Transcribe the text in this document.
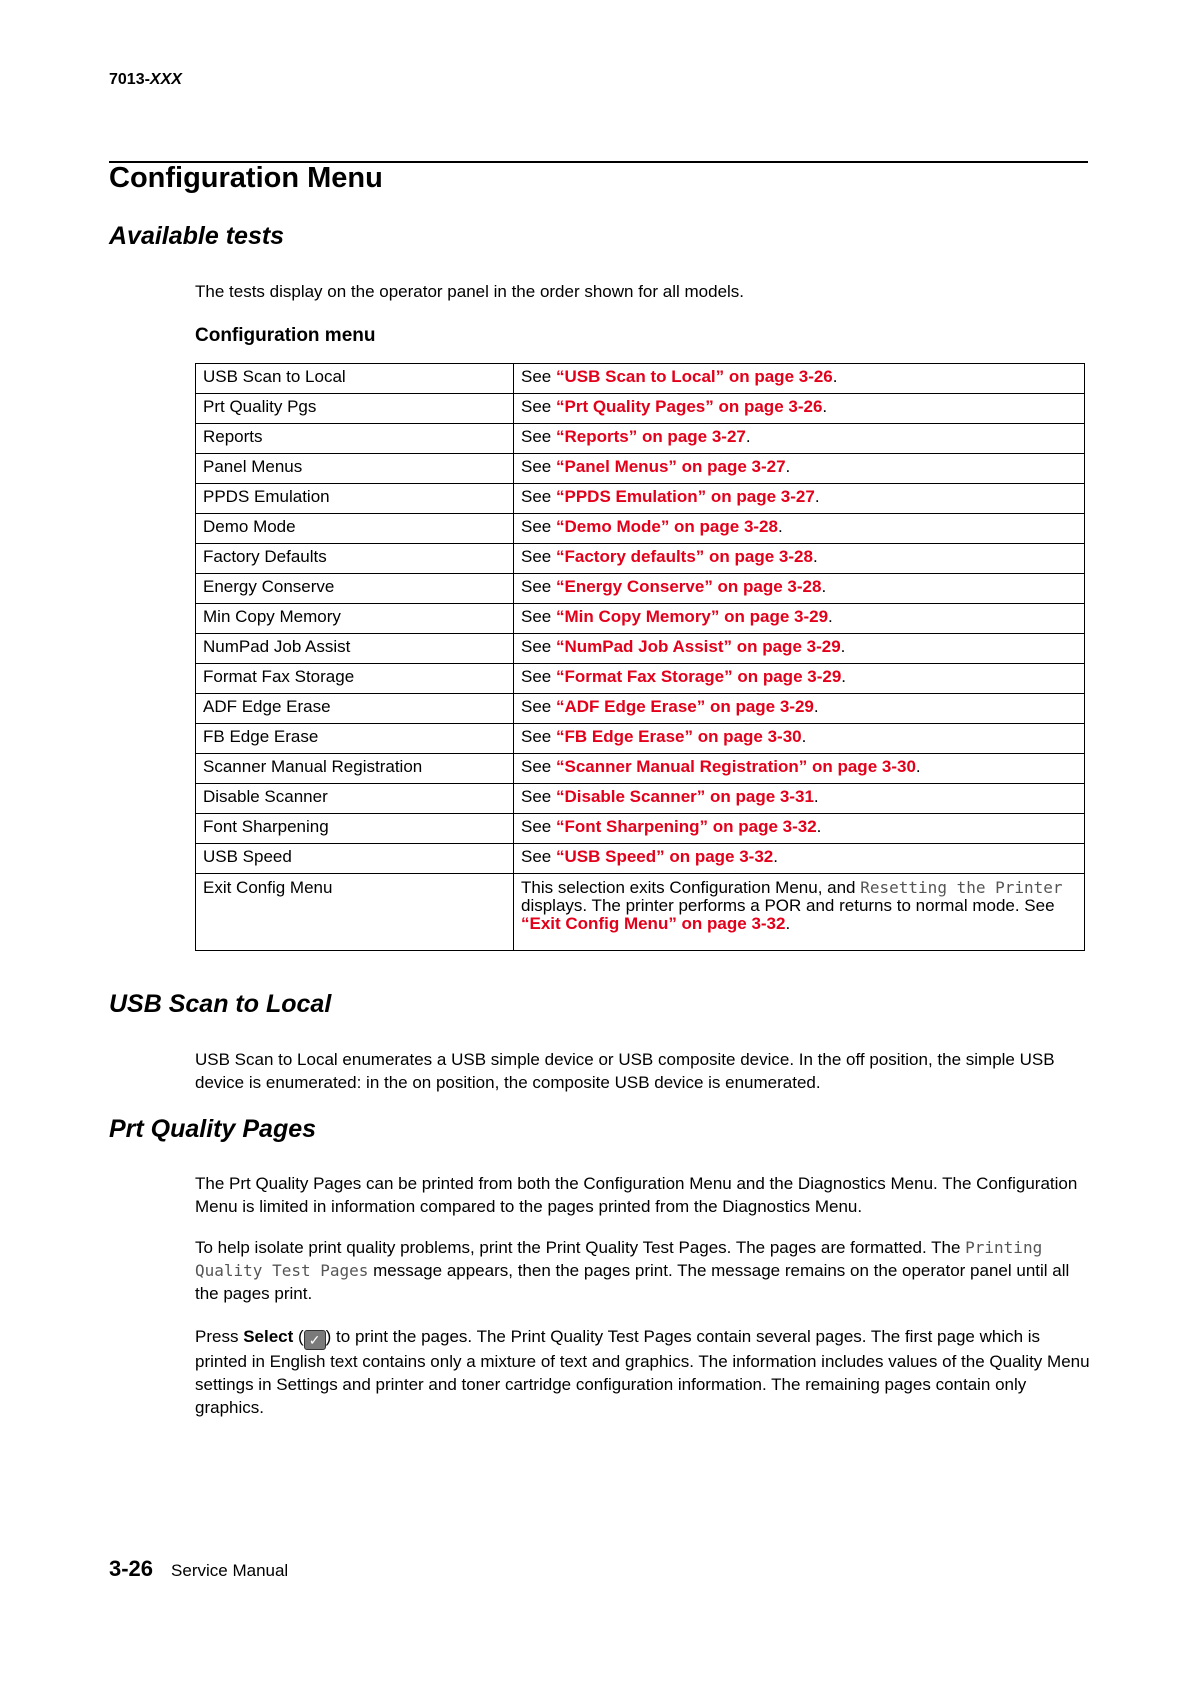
7013-XXX
Configuration Menu
Available tests

The tests display on the operator panel in the order shown for all models.

Configuration menu

USB Scan to Local	See “USB Scan to Local” on page 3-26.
Prt Quality Pgs	See “Prt Quality Pages” on page 3-26.
Reports	See “Reports” on page 3-27.
Panel Menus	See “Panel Menus” on page 3-27.
PPDS Emulation	See “PPDS Emulation” on page 3-27.
Demo Mode	See “Demo Mode” on page 3-28.
Factory Defaults	See “Factory defaults” on page 3-28.
Energy Conserve	See “Energy Conserve” on page 3-28.
Min Copy Memory	See “Min Copy Memory” on page 3-29.
NumPad Job Assist	See “NumPad Job Assist” on page 3-29.
Format Fax Storage	See “Format Fax Storage” on page 3-29.
ADF Edge Erase	See “ADF Edge Erase” on page 3-29.
FB Edge Erase	See “FB Edge Erase” on page 3-30.
Scanner Manual Registration	See “Scanner Manual Registration” on page 3-30.
Disable Scanner	See “Disable Scanner” on page 3-31.
Font Sharpening	See “Font Sharpening” on page 3-32.
USB Speed	See “USB Speed” on page 3-32.
Exit Config Menu	This selection exits Configuration Menu, and Resetting the Printer displays. The printer performs a POR and returns to normal mode. See “Exit Config Menu” on page 3-32.
USB Scan to Local

USB Scan to Local enumerates a USB simple device or USB composite device. In the off position, the simple USB device is enumerated: in the on position, the composite USB device is enumerated.

Prt Quality Pages

The Prt Quality Pages can be printed from both the Configuration Menu and the Diagnostics Menu. The Configuration Menu is limited in information compared to the pages printed from the Diagnostics Menu.

To help isolate print quality problems, print the Print Quality Test Pages. The pages are formatted. The Printing Quality Test Pages message appears, then the pages print. The message remains on the operator panel until all the pages print.

Press Select ( ✓ ) to print the pages. The Print Quality Test Pages contain several pages. The first page which is printed in English text contains only a mixture of text and graphics. The information includes values of the Quality Menu settings in Settings and printer and toner cartridge configuration information. The remaining pages contain only graphics.

3-26 Service Manual
